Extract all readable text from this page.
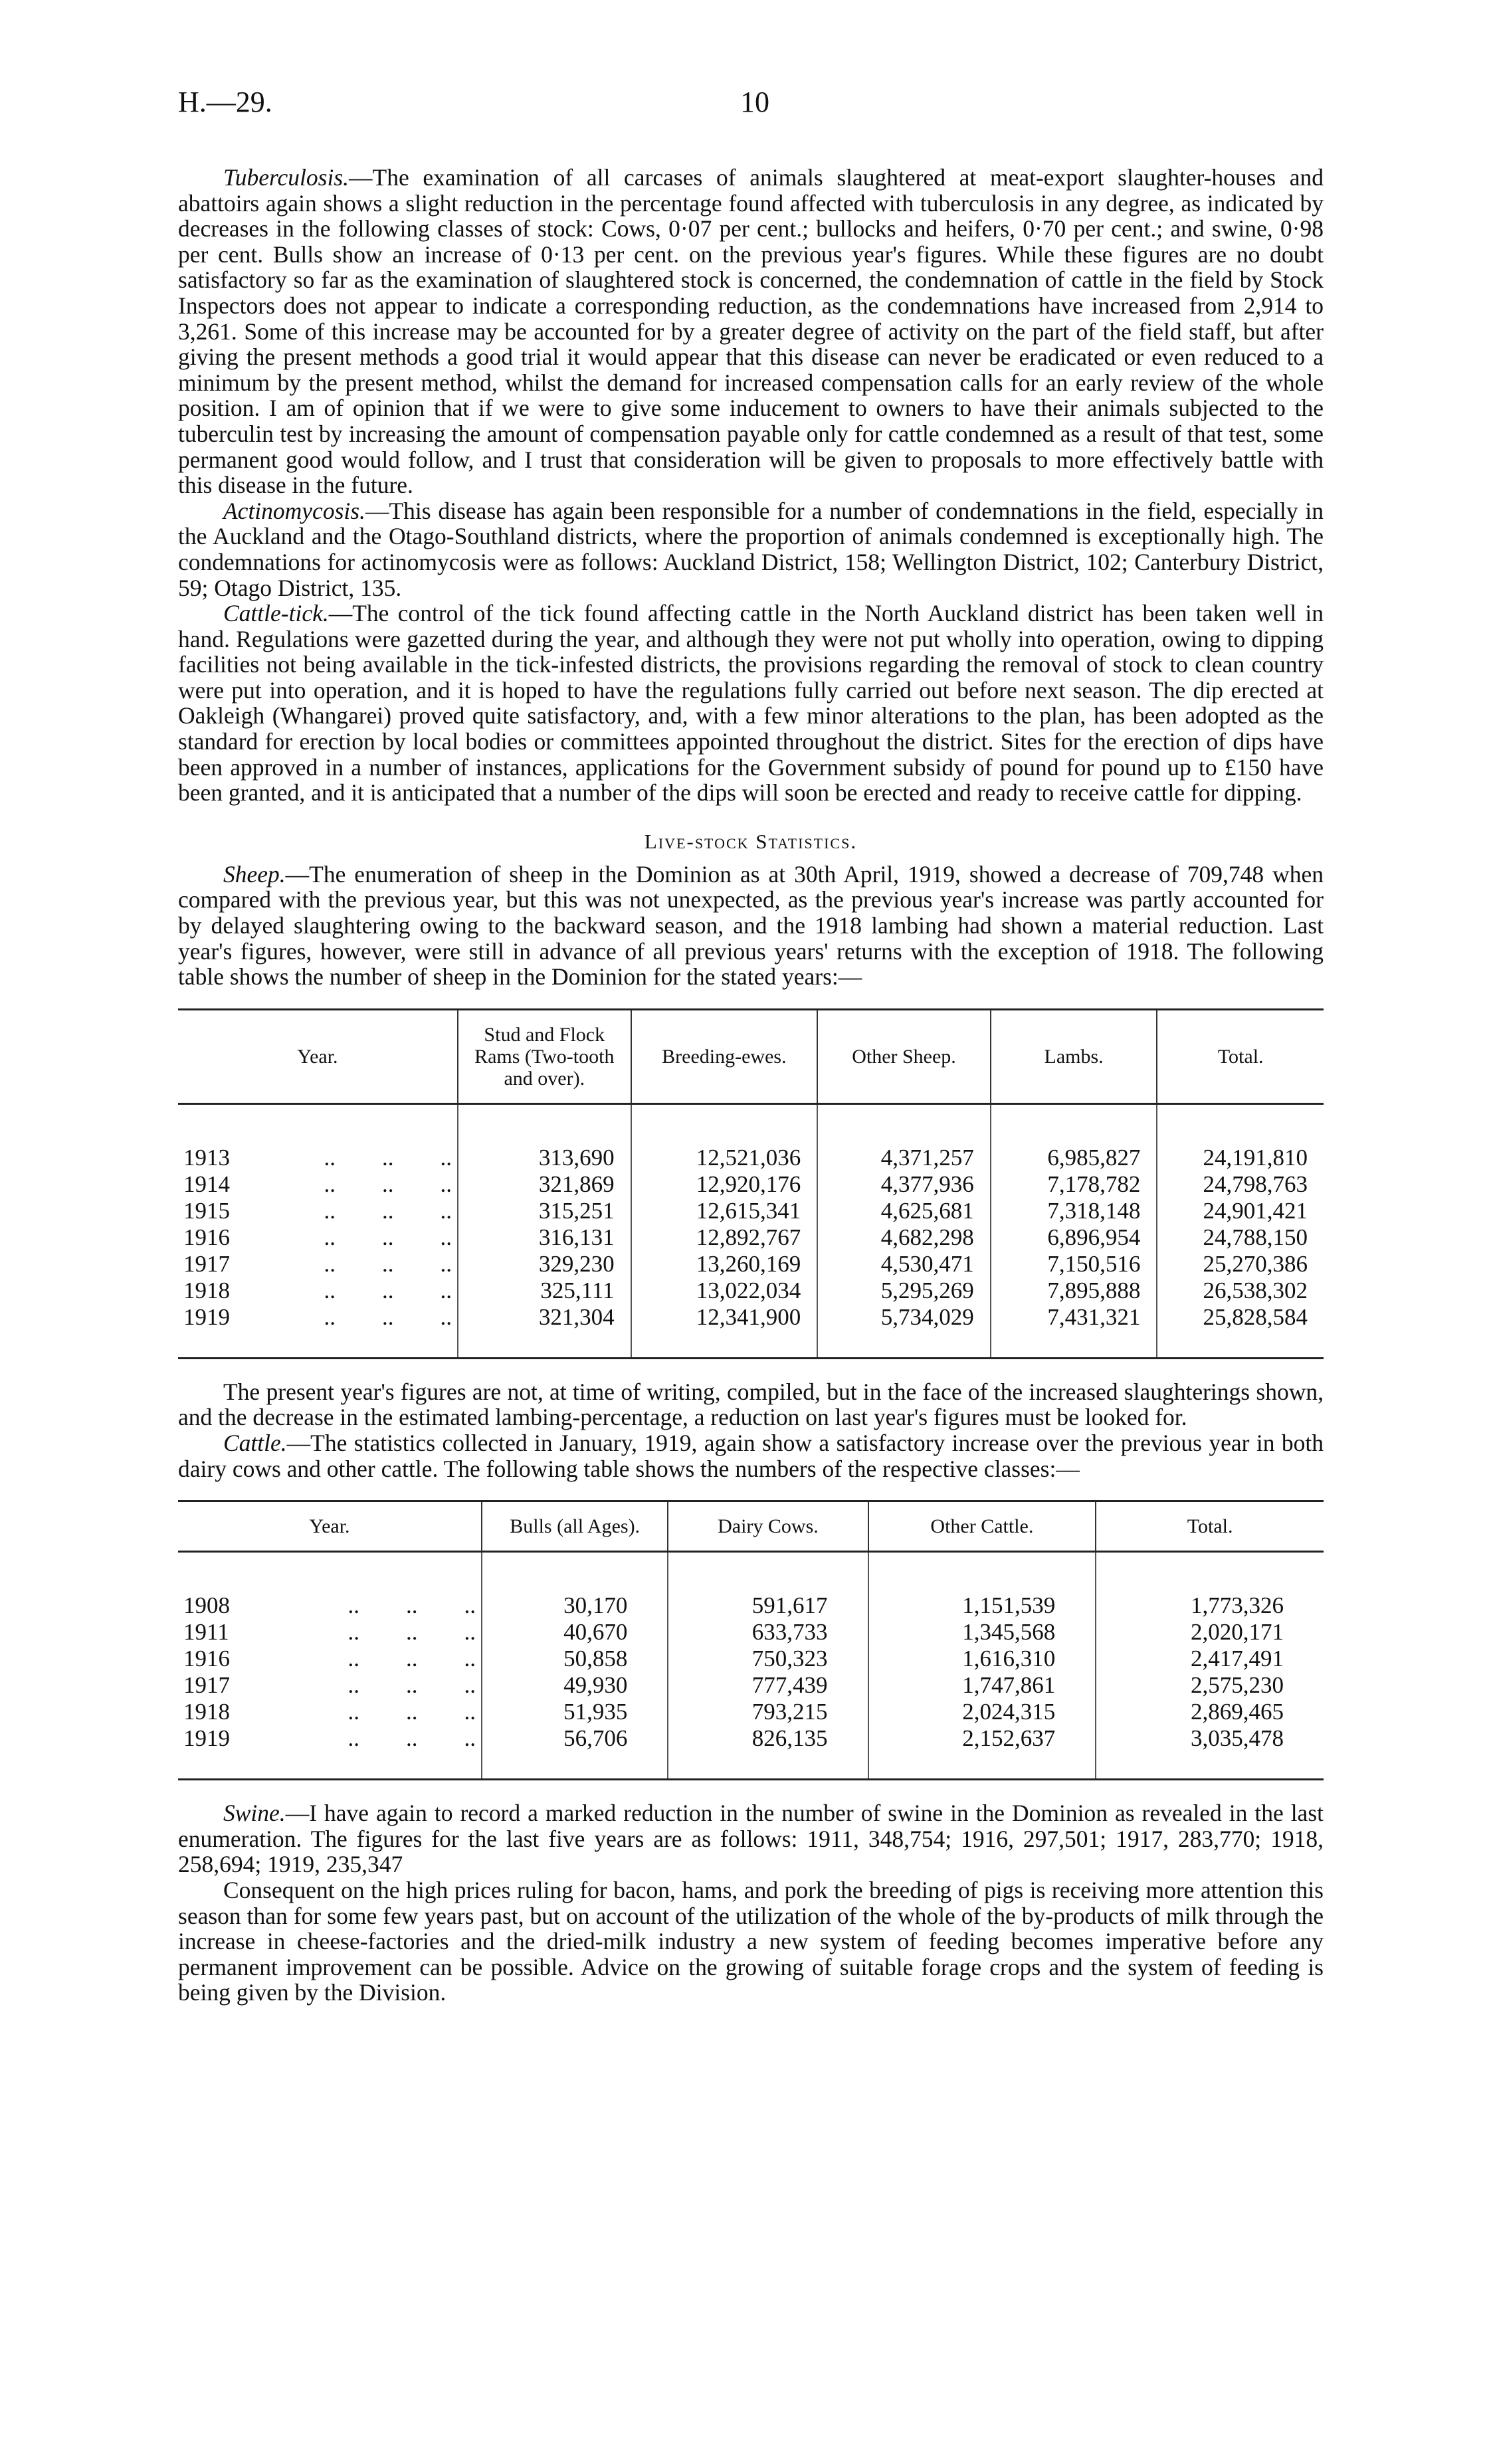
H.—29.	10

Tuberculosis.—The examination of all carcases of animals slaughtered at meat-export slaughter-houses and abattoirs again shows a slight reduction in the percentage found affected with tuberculosis in any degree, as indicated by decreases in the following classes of stock: Cows, 0·07 per cent.; bullocks and heifers, 0·70 per cent.; and swine, 0·98 per cent. Bulls show an increase of 0·13 per cent. on the previous year's figures. While these figures are no doubt satisfactory so far as the examination of slaughtered stock is concerned, the condemnation of cattle in the field by Stock Inspectors does not appear to indicate a corresponding reduction, as the condemnations have increased from 2,914 to 3,261. Some of this increase may be accounted for by a greater degree of activity on the part of the field staff, but after giving the present methods a good trial it would appear that this disease can never be eradicated or even reduced to a minimum by the present method, whilst the demand for increased compensation calls for an early review of the whole position. I am of opinion that if we were to give some inducement to owners to have their animals subjected to the tuberculin test by increasing the amount of compensation payable only for cattle condemned as a result of that test, some permanent good would follow, and I trust that consideration will be given to proposals to more effectively battle with this disease in the future.

Actinomycosis.—This disease has again been responsible for a number of condemnations in the field, especially in the Auckland and the Otago-Southland districts, where the proportion of animals condemned is exceptionally high. The condemnations for actinomycosis were as follows: Auckland District, 158; Wellington District, 102; Canterbury District, 59; Otago District, 135.

Cattle-tick.—The control of the tick found affecting cattle in the North Auckland district has been taken well in hand. Regulations were gazetted during the year, and although they were not put wholly into operation, owing to dipping facilities not being available in the tick-infested districts, the provisions regarding the removal of stock to clean country were put into operation, and it is hoped to have the regulations fully carried out before next season. The dip erected at Oakleigh (Whangarei) proved quite satisfactory, and, with a few minor alterations to the plan, has been adopted as the standard for erection by local bodies or committees appointed throughout the district. Sites for the erection of dips have been approved in a number of instances, applications for the Government subsidy of pound for pound up to £150 have been granted, and it is anticipated that a number of the dips will soon be erected and ready to receive cattle for dipping.

Live-stock Statistics.

Sheep.—The enumeration of sheep in the Dominion as at 30th April, 1919, showed a decrease of 709,748 when compared with the previous year, but this was not unexpected, as the previous year's increase was partly accounted for by delayed slaughtering owing to the backward season, and the 1918 lambing had shown a material reduction. Last year's figures, however, were still in advance of all previous years' returns with the exception of 1918. The following table shows the number of sheep in the Dominion for the stated years:—

Year.	Stud and Flock Rams (Two-tooth and over).	Breeding-ewes.	Other Sheep.	Lambs.	Total.

1913 ..        ..        ..	313,690	12,521,036	4,371,257	6,985,827	24,191,810
1914 ..        ..        ..	321,869	12,920,176	4,377,936	7,178,782	24,798,763
1915 ..        ..        ..	315,251	12,615,341	4,625,681	7,318,148	24,901,421
1916 ..        ..        ..	316,131	12,892,767	4,682,298	6,896,954	24,788,150
1917 ..        ..        ..	329,230	13,260,169	4,530,471	7,150,516	25,270,386
1918 ..        ..        ..	325,111	13,022,034	5,295,269	7,895,888	26,538,302
1919 ..        ..        ..	321,304	12,341,900	5,734,029	7,431,321	25,828,584

The present year's figures are not, at time of writing, compiled, but in the face of the increased slaughterings shown, and the decrease in the estimated lambing-percentage, a reduction on last year's figures must be looked for.

Cattle.—The statistics collected in January, 1919, again show a satisfactory increase over the previous year in both dairy cows and other cattle. The following table shows the numbers of the respective classes:—

Year.	Bulls (all Ages).	Dairy Cows.	Other Cattle.	Total.

1908 ..        ..        ..	30,170	591,617	1,151,539	1,773,326
1911 ..        ..        ..	40,670	633,733	1,345,568	2,020,171
1916 ..        ..        ..	50,858	750,323	1,616,310	2,417,491
1917 ..        ..        ..	49,930	777,439	1,747,861	2,575,230
1918 ..        ..        ..	51,935	793,215	2,024,315	2,869,465
1919 ..        ..        ..	56,706	826,135	2,152,637	3,035,478

Swine.—I have again to record a marked reduction in the number of swine in the Dominion as revealed in the last enumeration. The figures for the last five years are as follows: 1911, 348,754; 1916, 297,501; 1917, 283,770; 1918, 258,694; 1919, 235,347

Consequent on the high prices ruling for bacon, hams, and pork the breeding of pigs is receiving more attention this season than for some few years past, but on account of the utilization of the whole of the by-products of milk through the increase in cheese-factories and the dried-milk industry a new system of feeding becomes imperative before any permanent improvement can be possible. Advice on the growing of suitable forage crops and the system of feeding is being given by the Division.
